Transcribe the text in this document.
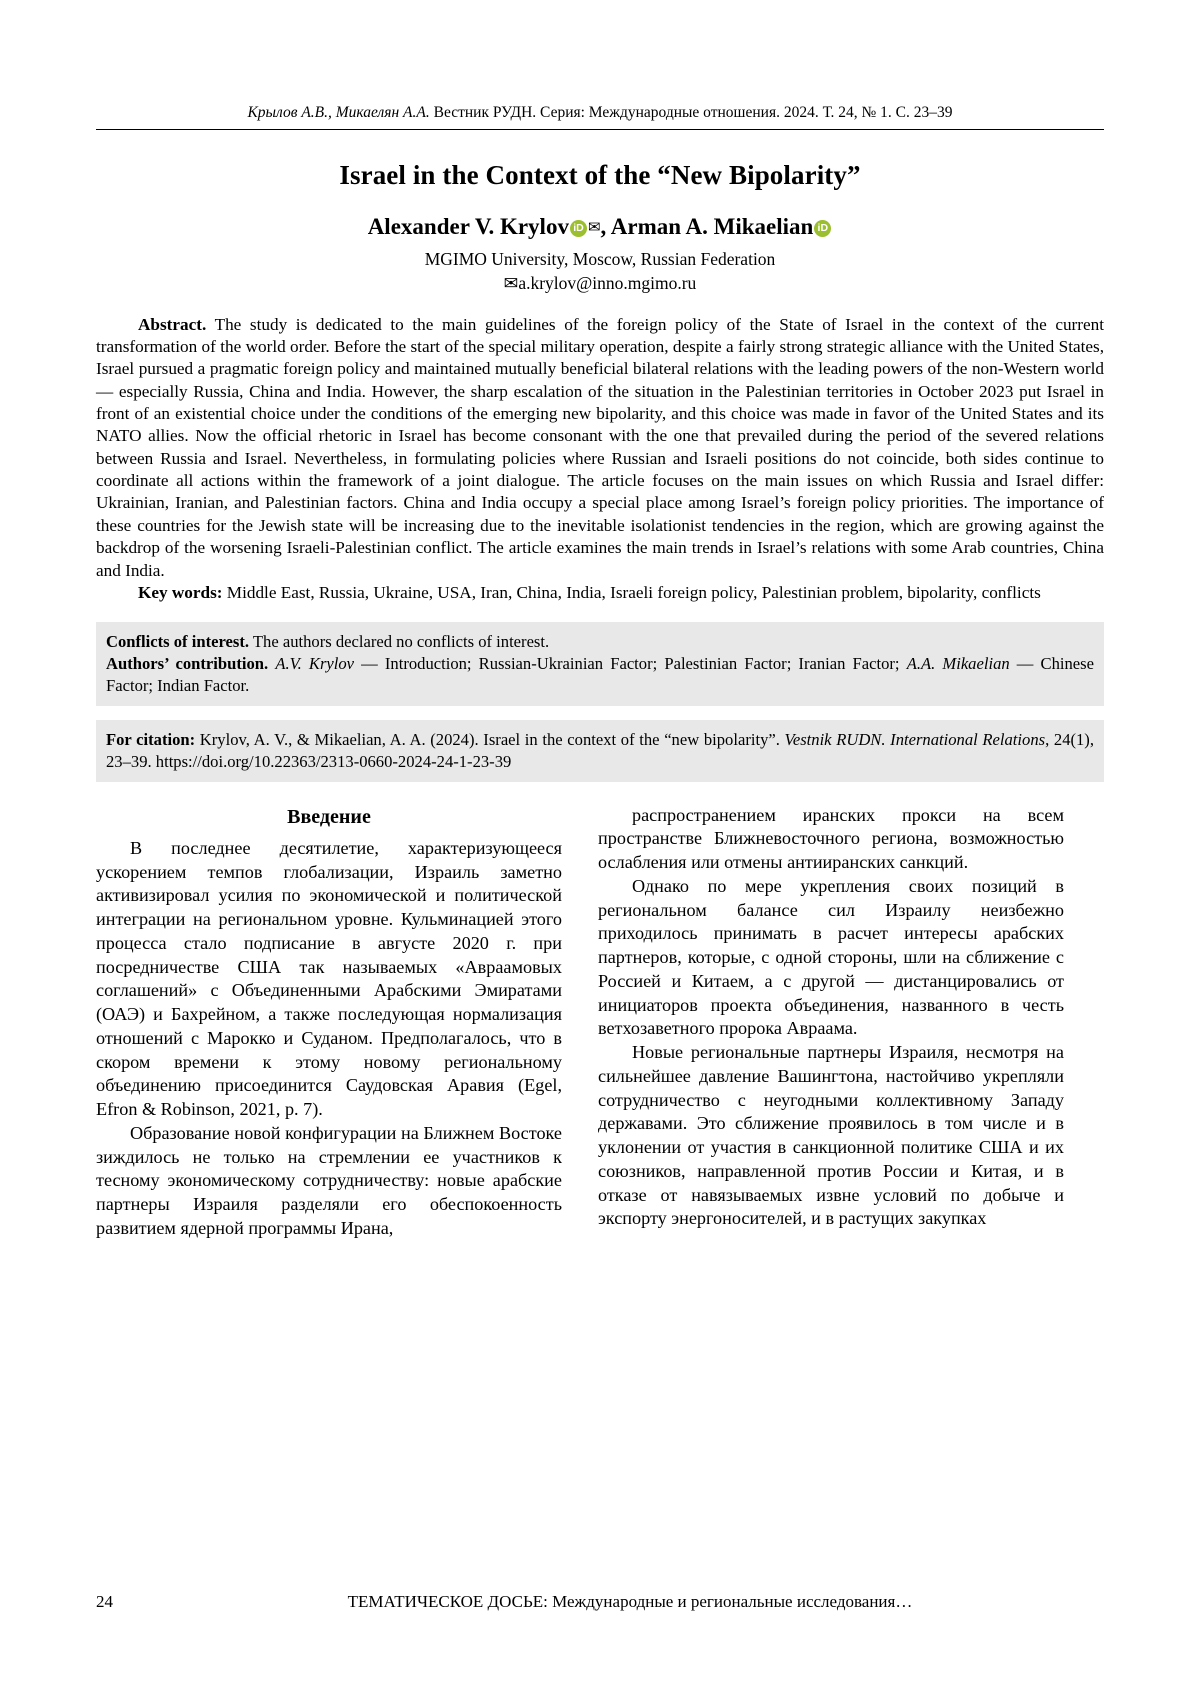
Крылов А.В., Микаелян А.А. Вестник РУДН. Серия: Международные отношения. 2024. Т. 24, № 1. С. 23–39
Israel in the Context of the “New Bipolarity”
Alexander V. Krylov iD ✉, Arman A. Mikaelian iD
MGIMO University, Moscow, Russian Federation
✉a.krylov@inno.mgimo.ru
Abstract. The study is dedicated to the main guidelines of the foreign policy of the State of Israel in the context of the current transformation of the world order. Before the start of the special military operation, despite a fairly strong strategic alliance with the United States, Israel pursued a pragmatic foreign policy and maintained mutually beneficial bilateral relations with the leading powers of the non-Western world — especially Russia, China and India. However, the sharp escalation of the situation in the Palestinian territories in October 2023 put Israel in front of an existential choice under the conditions of the emerging new bipolarity, and this choice was made in favor of the United States and its NATO allies. Now the official rhetoric in Israel has become consonant with the one that prevailed during the period of the severed relations between Russia and Israel. Nevertheless, in formulating policies where Russian and Israeli positions do not coincide, both sides continue to coordinate all actions within the framework of a joint dialogue. The article focuses on the main issues on which Russia and Israel differ: Ukrainian, Iranian, and Palestinian factors. China and India occupy a special place among Israel’s foreign policy priorities. The importance of these countries for the Jewish state will be increasing due to the inevitable isolationist tendencies in the region, which are growing against the backdrop of the worsening Israeli-Palestinian conflict. The article examines the main trends in Israel’s relations with some Arab countries, China and India.
Key words: Middle East, Russia, Ukraine, USA, Iran, China, India, Israeli foreign policy, Palestinian problem, bipolarity, conflicts
Conflicts of interest. The authors declared no conflicts of interest.
Authors’ contribution. A.V. Krylov — Introduction; Russian-Ukrainian Factor; Palestinian Factor; Iranian Factor; A.A. Mikaelian — Chinese Factor; Indian Factor.
For citation: Krylov, A. V., & Mikaelian, A. A. (2024). Israel in the context of the “new bipolarity”. Vestnik RUDN. International Relations, 24(1), 23–39. https://doi.org/10.22363/2313-0660-2024-24-1-23-39
Введение

В последнее десятилетие, характеризующееся ускорением темпов глобализации, Израиль заметно активизировал усилия по экономической и политической интеграции на региональном уровне. Кульминацией этого процесса стало подписание в августе 2020 г. при посредничестве США так называемых «Авраамовых соглашений» с Объединенными Арабскими Эмиратами (ОАЭ) и Бахрейном, а также последующая нормализация отношений с Марокко и Суданом. Предполагалось, что в скором времени к этому новому региональному объединению присоединится Саудовская Аравия (Egel, Efron & Robinson, 2021, p. 7).

Образование новой конфигурации на Ближнем Востоке зиждилось не только на стремлении ее участников к тесному экономическому сотрудничеству: новые арабские партнеры Израиля разделяли его обеспокоенность развитием ядерной программы Ирана,

распространением иранских прокси на всем пространстве Ближневосточного региона, возможностью ослабления или отмены антииранских санкций.

Однако по мере укрепления своих позиций в региональном балансе сил Израилу неизбежно приходилось принимать в расчет интересы арабских партнеров, которые, с одной стороны, шли на сближение с Россией и Китаем, а с другой — дистанцировались от инициаторов проекта объединения, названного в честь ветхозаветного пророка Авраама.

Новые региональные партнеры Израиля, несмотря на сильнейшее давление Вашингтона, настойчиво укрепляли сотрудничество с неугодными коллективному Западу державами. Это сближение проявилось в том числе и в уклонении от участия в санкционной политике США и их союзников, направленной против России и Китая, и в отказе от навязываемых извне условий по добыче и экспорту энергоносителей, и в растущих закупках

24	ТЕМАТИЧЕСКОЕ ДОСЬЕ: Международные и региональные исследования…
